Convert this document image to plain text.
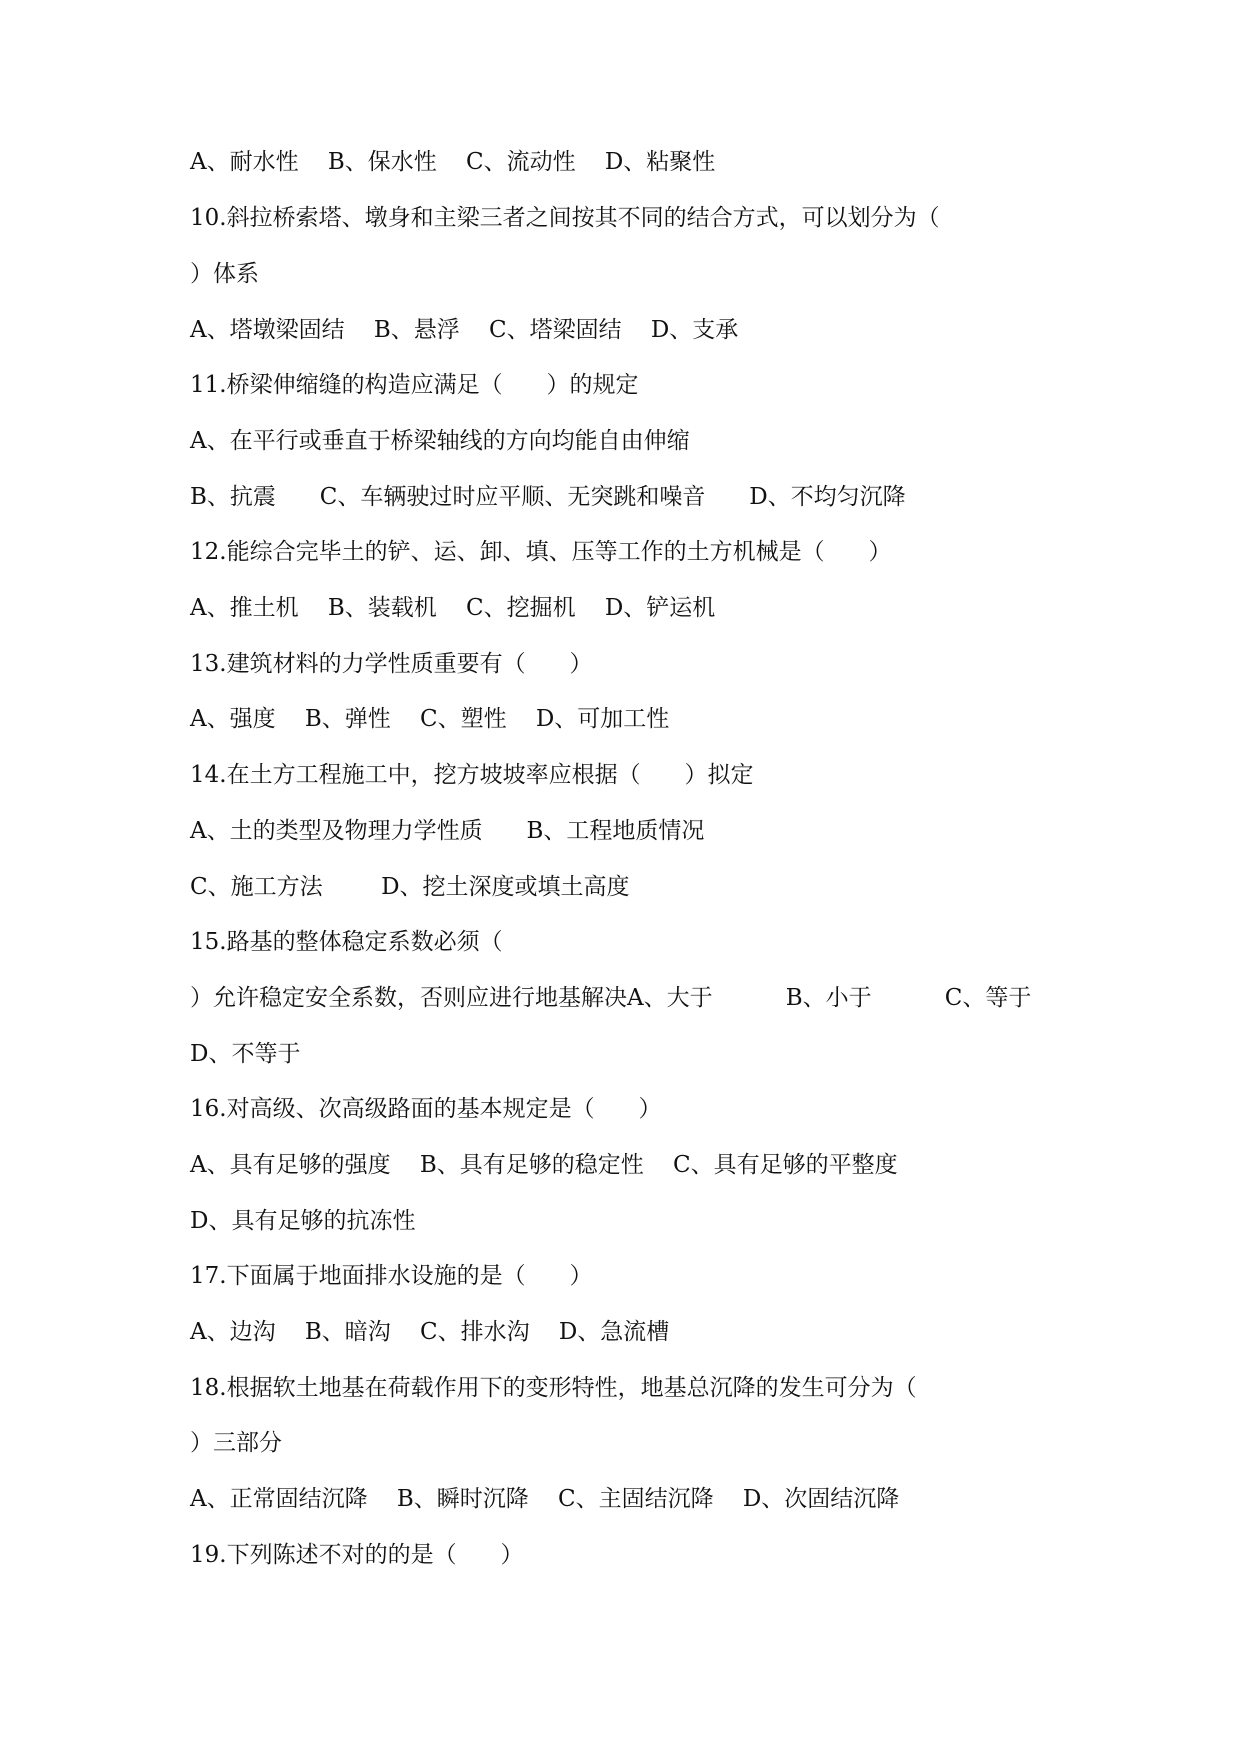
A、耐水性    B、保水性    C、流动性    D、粘聚性
10.斜拉桥索塔、墩身和主梁三者之间按其不同的结合方式，可以划分为（
）体系
A、塔墩梁固结    B、悬浮    C、塔梁固结    D、支承
11.桥梁伸缩缝的构造应满足（      ）的规定
A、在平行或垂直于桥梁轴线的方向均能自由伸缩
B、抗震      C、车辆驶过时应平顺、无突跳和噪音      D、不均匀沉降
12.能综合完毕土的铲、运、卸、填、压等工作的土方机械是（      ）
A、推土机    B、装载机    C、挖掘机    D、铲运机
13.建筑材料的力学性质重要有（      ）
A、强度    B、弹性    C、塑性    D、可加工性
14.在土方工程施工中，挖方坡坡率应根据（      ）拟定
A、土的类型及物理力学性质      B、工程地质情况
C、施工方法        D、挖土深度或填土高度
15.路基的整体稳定系数必须（
）允许稳定安全系数，否则应进行地基解决A、大于          B、小于          C、等于
D、不等于
16.对高级、次高级路面的基本规定是（      ）
A、具有足够的强度    B、具有足够的稳定性    C、具有足够的平整度
D、具有足够的抗冻性
17.下面属于地面排水设施的是（      ）
A、边沟    B、暗沟    C、排水沟    D、急流槽
18.根据软土地基在荷载作用下的变形特性，地基总沉降的发生可分为（
）三部分
A、正常固结沉降    B、瞬时沉降    C、主固结沉降    D、次固结沉降
19.下列陈述不对的的是（      ）
